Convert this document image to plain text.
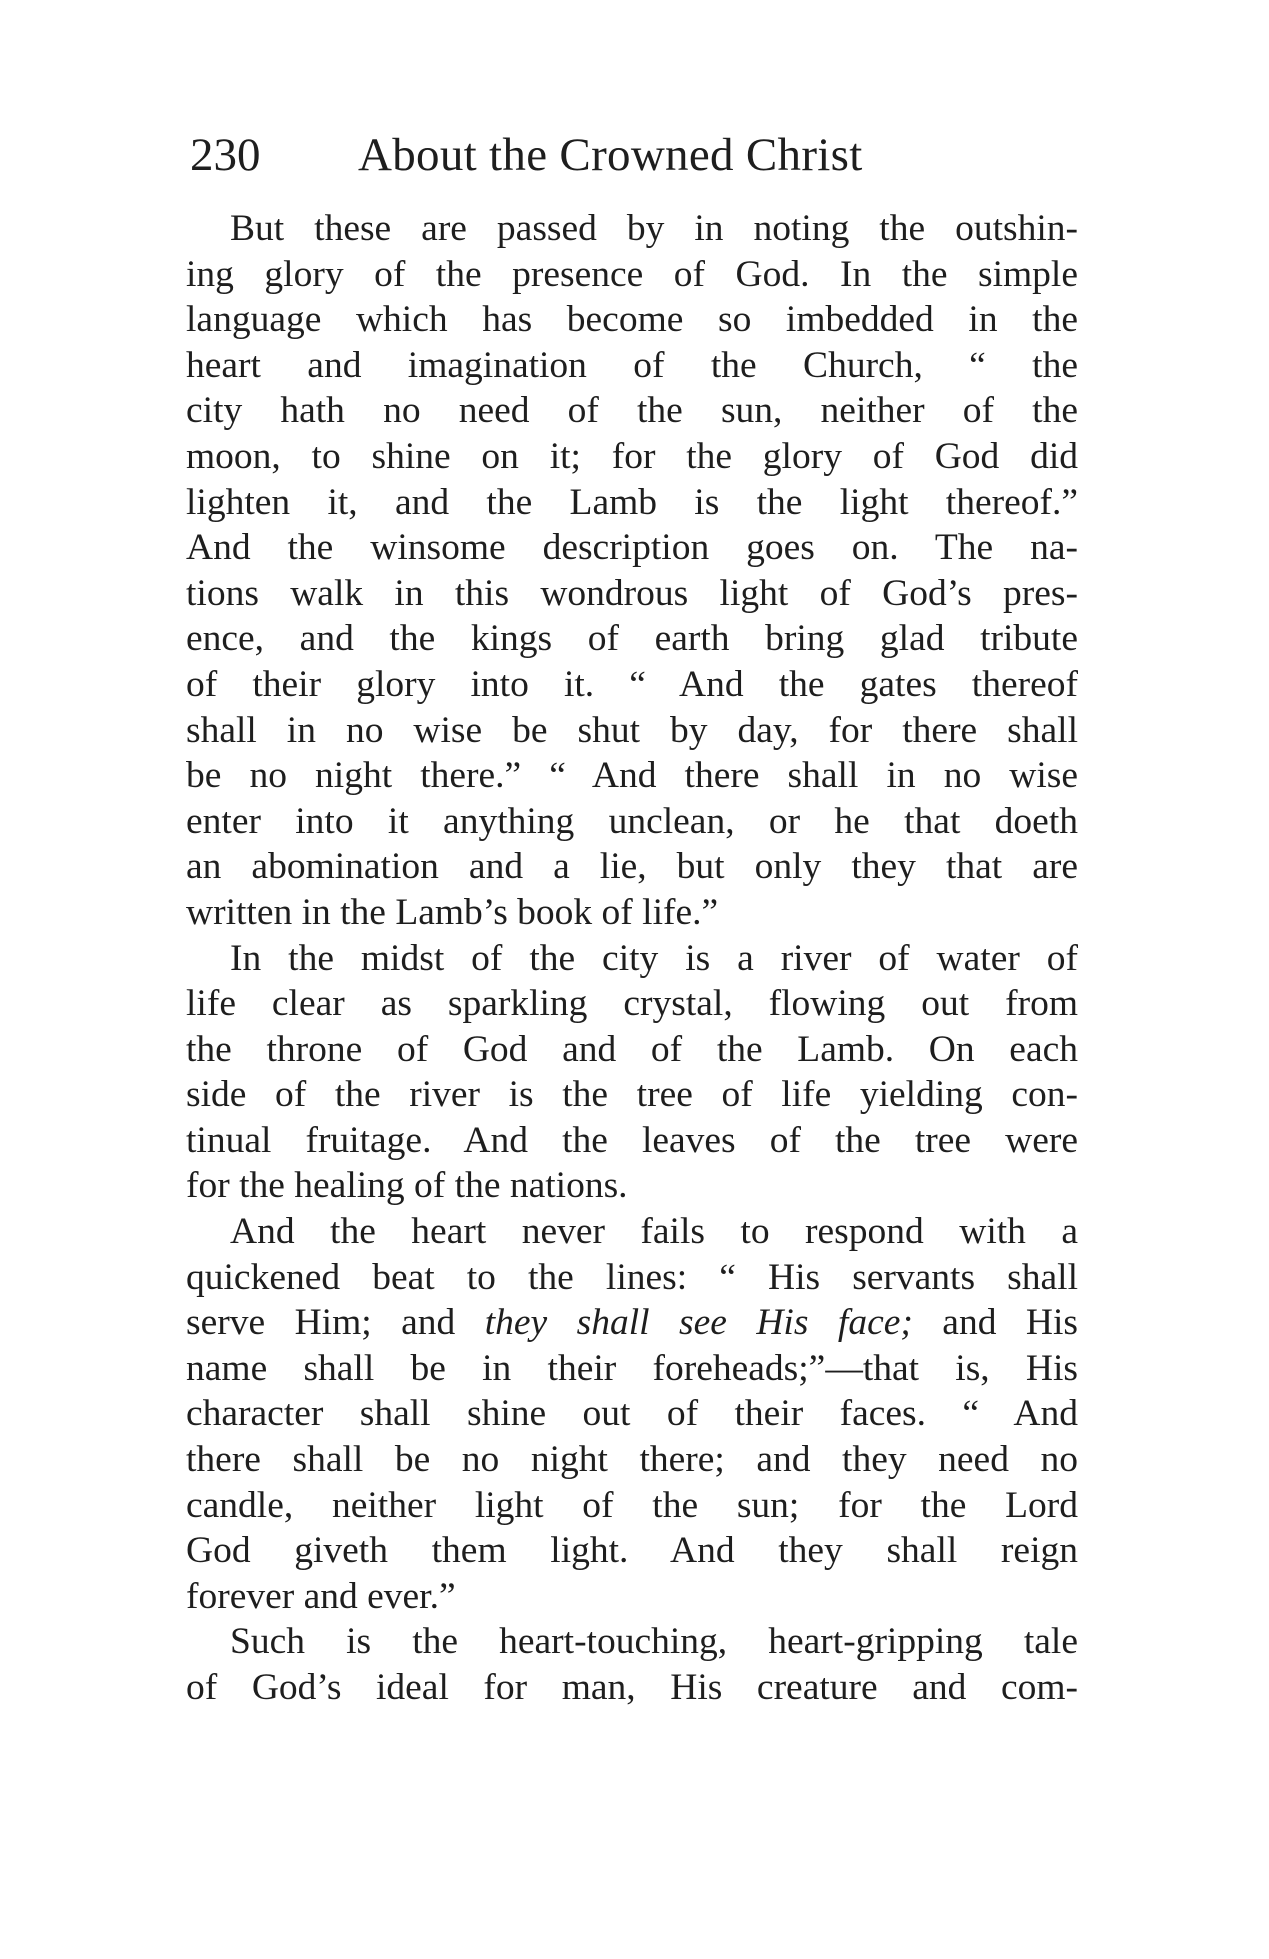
230 About the Crowned Christ
But these are passed by in noting the outshin-
ing glory of the presence of God. In the simple
language which has become so imbedded in the
heart and imagination of the Church, “ the
city hath no need of the sun, neither of the
moon, to shine on it; for the glory of God did
lighten it, and the Lamb is the light thereof.”
And the winsome description goes on. The na-
tions walk in this wondrous light of God’s pres-
ence, and the kings of earth bring glad tribute
of their glory into it. “ And the gates thereof
shall in no wise be shut by day, for there shall
be no night there.” “ And there shall in no wise
enter into it anything unclean, or he that doeth
an abomination and a lie, but only they that are
written in the Lamb’s book of life.”
In the midst of the city is a river of water of
life clear as sparkling crystal, flowing out from
the throne of God and of the Lamb. On each
side of the river is the tree of life yielding con-
tinual fruitage. And the leaves of the tree were
for the healing of the nations.
And the heart never fails to respond with a
quickened beat to the lines: “ His servants shall
serve Him; and they shall see His face; and His
name shall be in their foreheads;”—that is, His
character shall shine out of their faces. “ And
there shall be no night there; and they need no
candle, neither light of the sun; for the Lord
God giveth them light. And they shall reign
forever and ever.”
Such is the heart-touching, heart-gripping tale
of God’s ideal for man, His creature and com-
